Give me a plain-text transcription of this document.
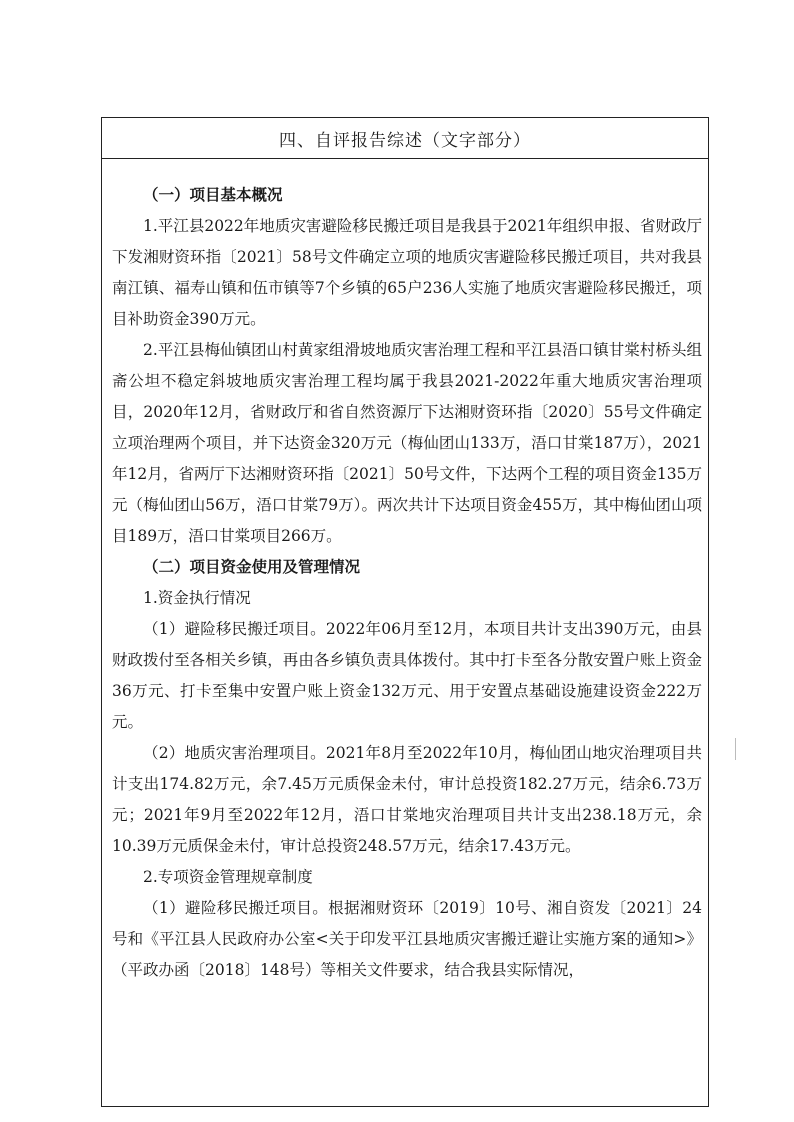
四、自评报告综述（文字部分）

（一）项目基本概况

1.平江县2022年地质灾害避险移民搬迁项目是我县于2021年组织申报、省财政厅下发湘财资环指〔2021〕58号文件确定立项的地质灾害避险移民搬迁项目，共对我县南江镇、福寿山镇和伍市镇等7个乡镇的65户236人实施了地质灾害避险移民搬迁，项目补助资金390万元。

2.平江县梅仙镇团山村黄家组滑坡地质灾害治理工程和平江县浯口镇甘棠村桥头组斋公坦不稳定斜坡地质灾害治理工程均属于我县2021-2022年重大地质灾害治理项目，2020年12月，省财政厅和省自然资源厅下达湘财资环指〔2020〕55号文件确定立项治理两个项目，并下达资金320万元（梅仙团山133万，浯口甘棠187万），2021年12月，省两厅下达湘财资环指〔2021〕50号文件，下达两个工程的项目资金135万元（梅仙团山56万，浯口甘棠79万）。两次共计下达项目资金455万，其中梅仙团山项目189万，浯口甘棠项目266万。

（二）项目资金使用及管理情况

1.资金执行情况

（1）避险移民搬迁项目。2022年06月至12月，本项目共计支出390万元，由县财政拨付至各相关乡镇，再由各乡镇负责具体拨付。其中打卡至各分散安置户账上资金36万元、打卡至集中安置户账上资金132万元、用于安置点基础设施建设资金222万元。

（2）地质灾害治理项目。2021年8月至2022年10月，梅仙团山地灾治理项目共计支出174.82万元，余7.45万元质保金未付，审计总投资182.27万元，结余6.73万元；2021年9月至2022年12月，浯口甘棠地灾治理项目共计支出238.18万元，余10.39万元质保金未付，审计总投资248.57万元，结余17.43万元。

2.专项资金管理规章制度

（1）避险移民搬迁项目。根据湘财资环〔2019〕10号、湘自资发〔2021〕24号和《平江县人民政府办公室<关于印发平江县地质灾害搬迁避让实施方案的通知>》（平政办函〔2018〕148号）等相关文件要求，结合我县实际情况，
